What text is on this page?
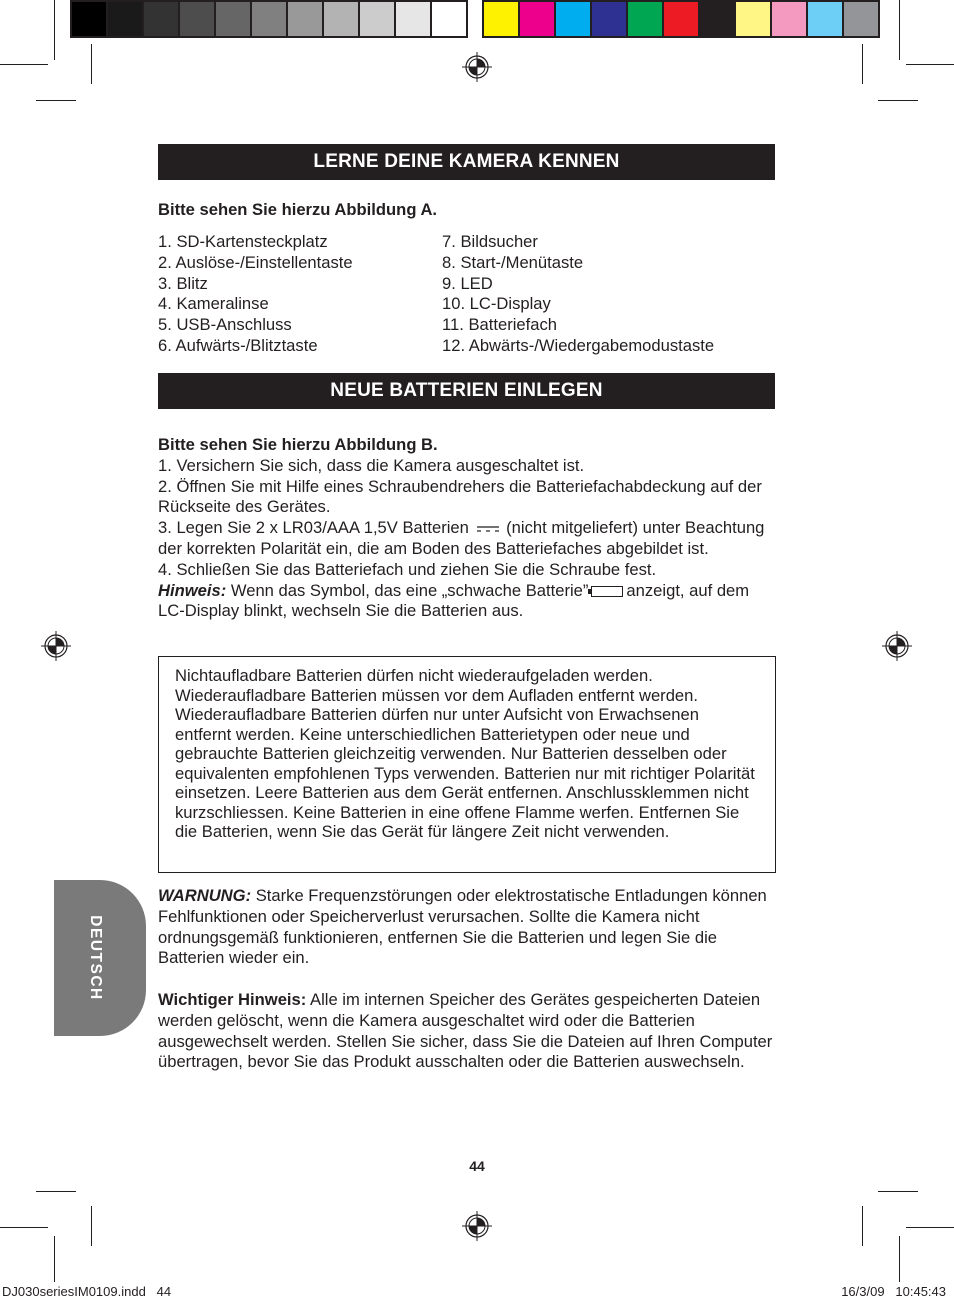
LERNE DEINE KAMERA KENNEN
Bitte sehen Sie hierzu Abbildung A.
1. SD-Kartensteckplatz
2. Auslöse-/Einstellentaste
3. Blitz
4. Kameralinse
5. USB-Anschluss
6. Aufwärts-/Blitztaste
7. Bildsucher
8. Start-/Menütaste
9. LED
10. LC-Display
11. Batteriefach
12. Abwärts-/Wiedergabemodustaste
NEUE BATTERIEN EINLEGEN
Bitte sehen Sie hierzu Abbildung B.
1. Versichern Sie sich, dass die Kamera ausgeschaltet ist.
2. Öffnen Sie mit Hilfe eines Schraubendrehers die Batteriefachabdeckung auf der Rückseite des Gerätes.
3. Legen Sie 2 x LR03/AAA 1,5V Batterien (nicht mitgeliefert) unter Beachtung der korrekten Polarität ein, die am Boden des Batteriefaches abgebildet ist.
4. Schließen Sie das Batteriefach und ziehen Sie die Schraube fest.
Hinweis: Wenn das Symbol, das eine „schwache Batterie” anzeigt, auf dem LC-Display blinkt, wechseln Sie die Batterien aus.
Nichtaufladbare Batterien dürfen nicht wiederaufgeladen werden. Wiederaufladbare Batterien müssen vor dem Aufladen entfernt werden. Wiederaufladbare Batterien dürfen nur unter Aufsicht von Erwachsenen entfernt werden. Keine unterschiedlichen Batterietypen oder neue und gebrauchte Batterien gleichzeitig verwenden. Nur Batterien desselben oder equivalenten empfohlenen Typs verwenden. Batterien nur mit richtiger Polarität einsetzen. Leere Batterien aus dem Gerät entfernen. Anschlussklemmen nicht kurzschliessen. Keine Batterien in eine offene Flamme werfen. Entfernen Sie die Batterien, wenn Sie das Gerät für längere Zeit nicht verwenden.
DEUTSCH
WARNUNG: Starke Frequenzstörungen oder elektrostatische Entladungen können Fehlfunktionen oder Speicherverlust verursachen. Sollte die Kamera nicht ordnungsgemäß funktionieren, entfernen Sie die Batterien und legen Sie die Batterien wieder ein.
Wichtiger Hinweis: Alle im internen Speicher des Gerätes gespeicherten Dateien werden gelöscht, wenn die Kamera ausgeschaltet wird oder die Batterien ausgewechselt werden. Stellen Sie sicher, dass Sie die Dateien auf Ihren Computer übertragen, bevor Sie das Produkt ausschalten oder die Batterien auswechseln.
44
DJ030seriesIM0109.indd   44	16/3/09   10:45:43
